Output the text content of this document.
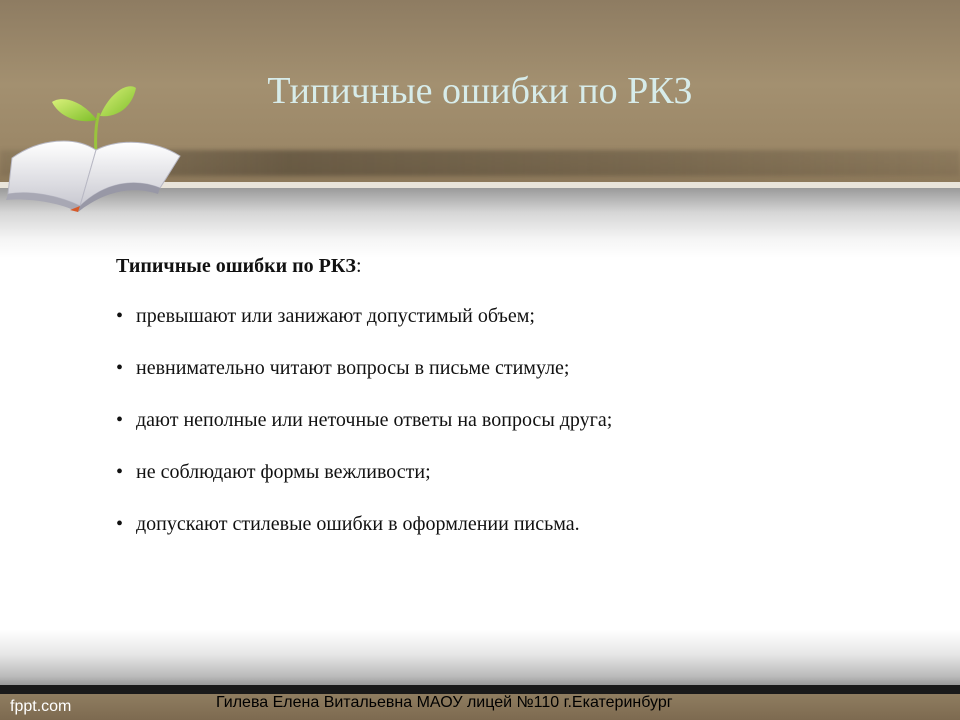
Типичные ошибки по РКЗ

Типичные ошибки по РКЗ:

• превышают или занижают допустимый объем;
• невнимательно читают вопросы в письме стимуле;
• дают неполные или неточные ответы на вопросы друга;
• не соблюдают формы вежливости;
• допускают стилевые ошибки в оформлении письма.
fppt.com	Гилева Елена Витальевна МАОУ лицей №110 г.Екатеринбург
